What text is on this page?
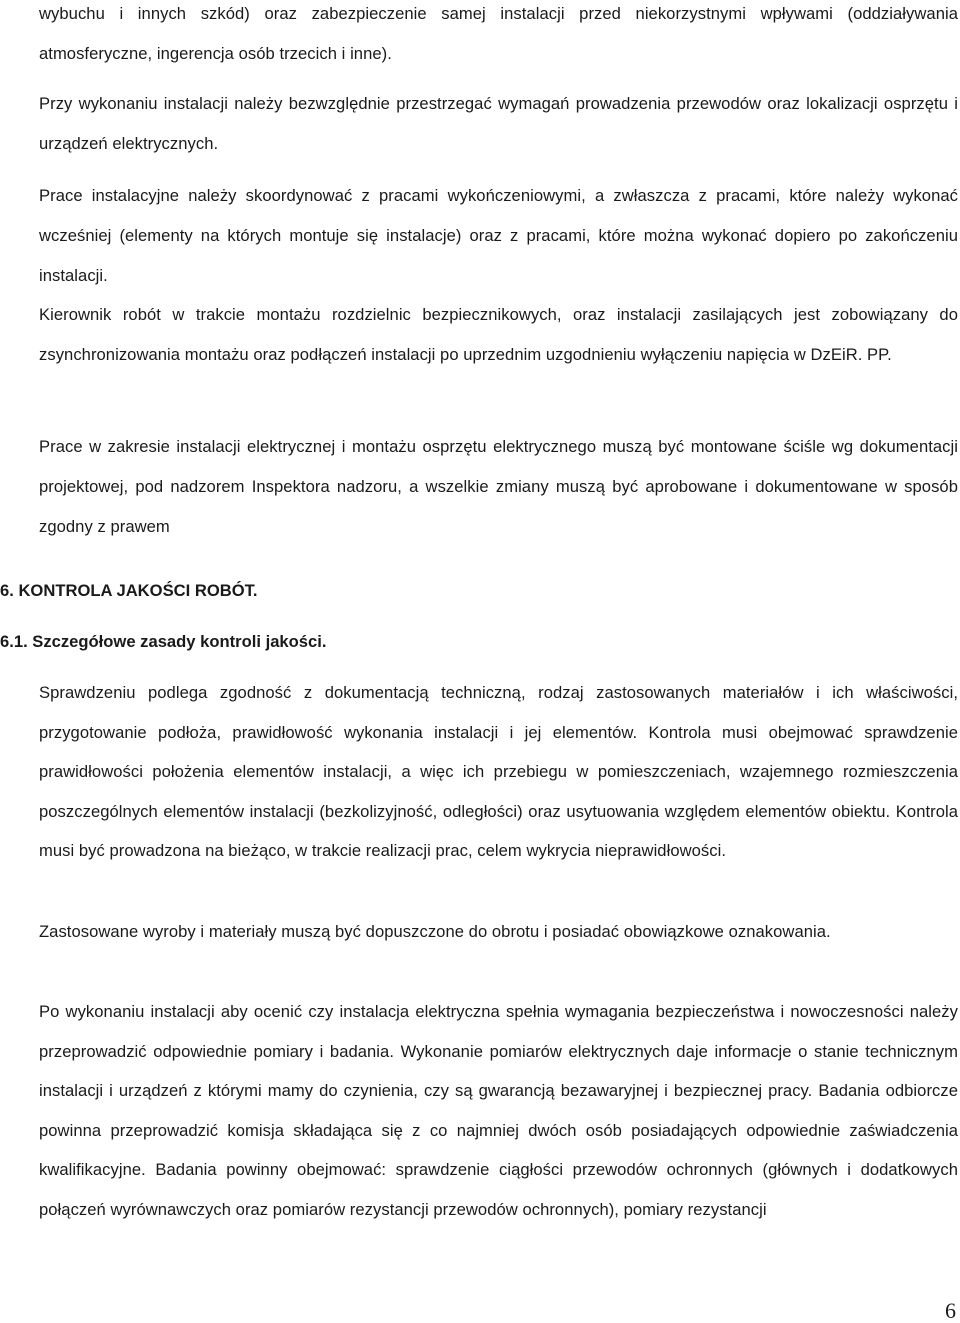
wybuchu i innych szkód) oraz zabezpieczenie samej instalacji przed niekorzystnymi wpływami (oddziaływania atmosferyczne, ingerencja osób trzecich i inne).

Przy wykonaniu instalacji należy bezwzględnie przestrzegać wymagań prowadzenia przewodów oraz lokalizacji osprzętu i urządzeń elektrycznych.

Prace instalacyjne należy skoordynować z pracami wykończeniowymi, a zwłaszcza z pracami, które należy wykonać wcześniej (elementy na których montuje się instalacje) oraz z pracami, które można wykonać dopiero po zakończeniu instalacji.

Kierownik robót w trakcie montażu rozdzielnic bezpiecznikowych, oraz instalacji zasilających jest zobowiązany do zsynchronizowania montażu oraz podłączeń instalacji po uprzednim uzgodnieniu wyłączeniu napięcia w DzEiR. PP.

Prace w zakresie instalacji elektrycznej i montażu osprzętu elektrycznego muszą być montowane ściśle wg dokumentacji projektowej, pod nadzorem Inspektora nadzoru, a wszelkie zmiany muszą być aprobowane i dokumentowane w sposób zgodny z prawem

6. KONTROLA JAKOŚCI ROBÓT.
6.1. Szczegółowe zasady kontroli jakości.

Sprawdzeniu podlega zgodność z dokumentacją techniczną, rodzaj zastosowanych materiałów i ich właściwości, przygotowanie podłoża, prawidłowość wykonania instalacji i jej elementów. Kontrola musi obejmować sprawdzenie prawidłowości położenia elementów instalacji, a więc ich przebiegu w pomieszczeniach, wzajemnego rozmieszczenia poszczególnych elementów instalacji (bezkolizyjność, odległości) oraz usytuowania względem elementów obiektu. Kontrola musi być prowadzona na bieżąco, w trakcie realizacji prac, celem wykrycia nieprawidłowości.

Zastosowane wyroby i materiały muszą być dopuszczone do obrotu i posiadać obowiązkowe oznakowania.

Po wykonaniu instalacji aby ocenić czy instalacja elektryczna spełnia wymagania bezpieczeństwa i nowoczesności należy przeprowadzić odpowiednie pomiary i badania. Wykonanie pomiarów elektrycznych daje informacje o stanie technicznym instalacji i urządzeń z którymi mamy do czynienia, czy są gwarancją bezawaryjnej i bezpiecznej pracy. Badania odbiorcze powinna przeprowadzić komisja składająca się z co najmniej dwóch osób posiadających odpowiednie zaświadczenia kwalifikacyjne. Badania powinny obejmować: sprawdzenie ciągłości przewodów ochronnych (głównych i dodatkowych połączeń wyrównawczych oraz pomiarów rezystancji przewodów ochronnych), pomiary rezystancji

6
